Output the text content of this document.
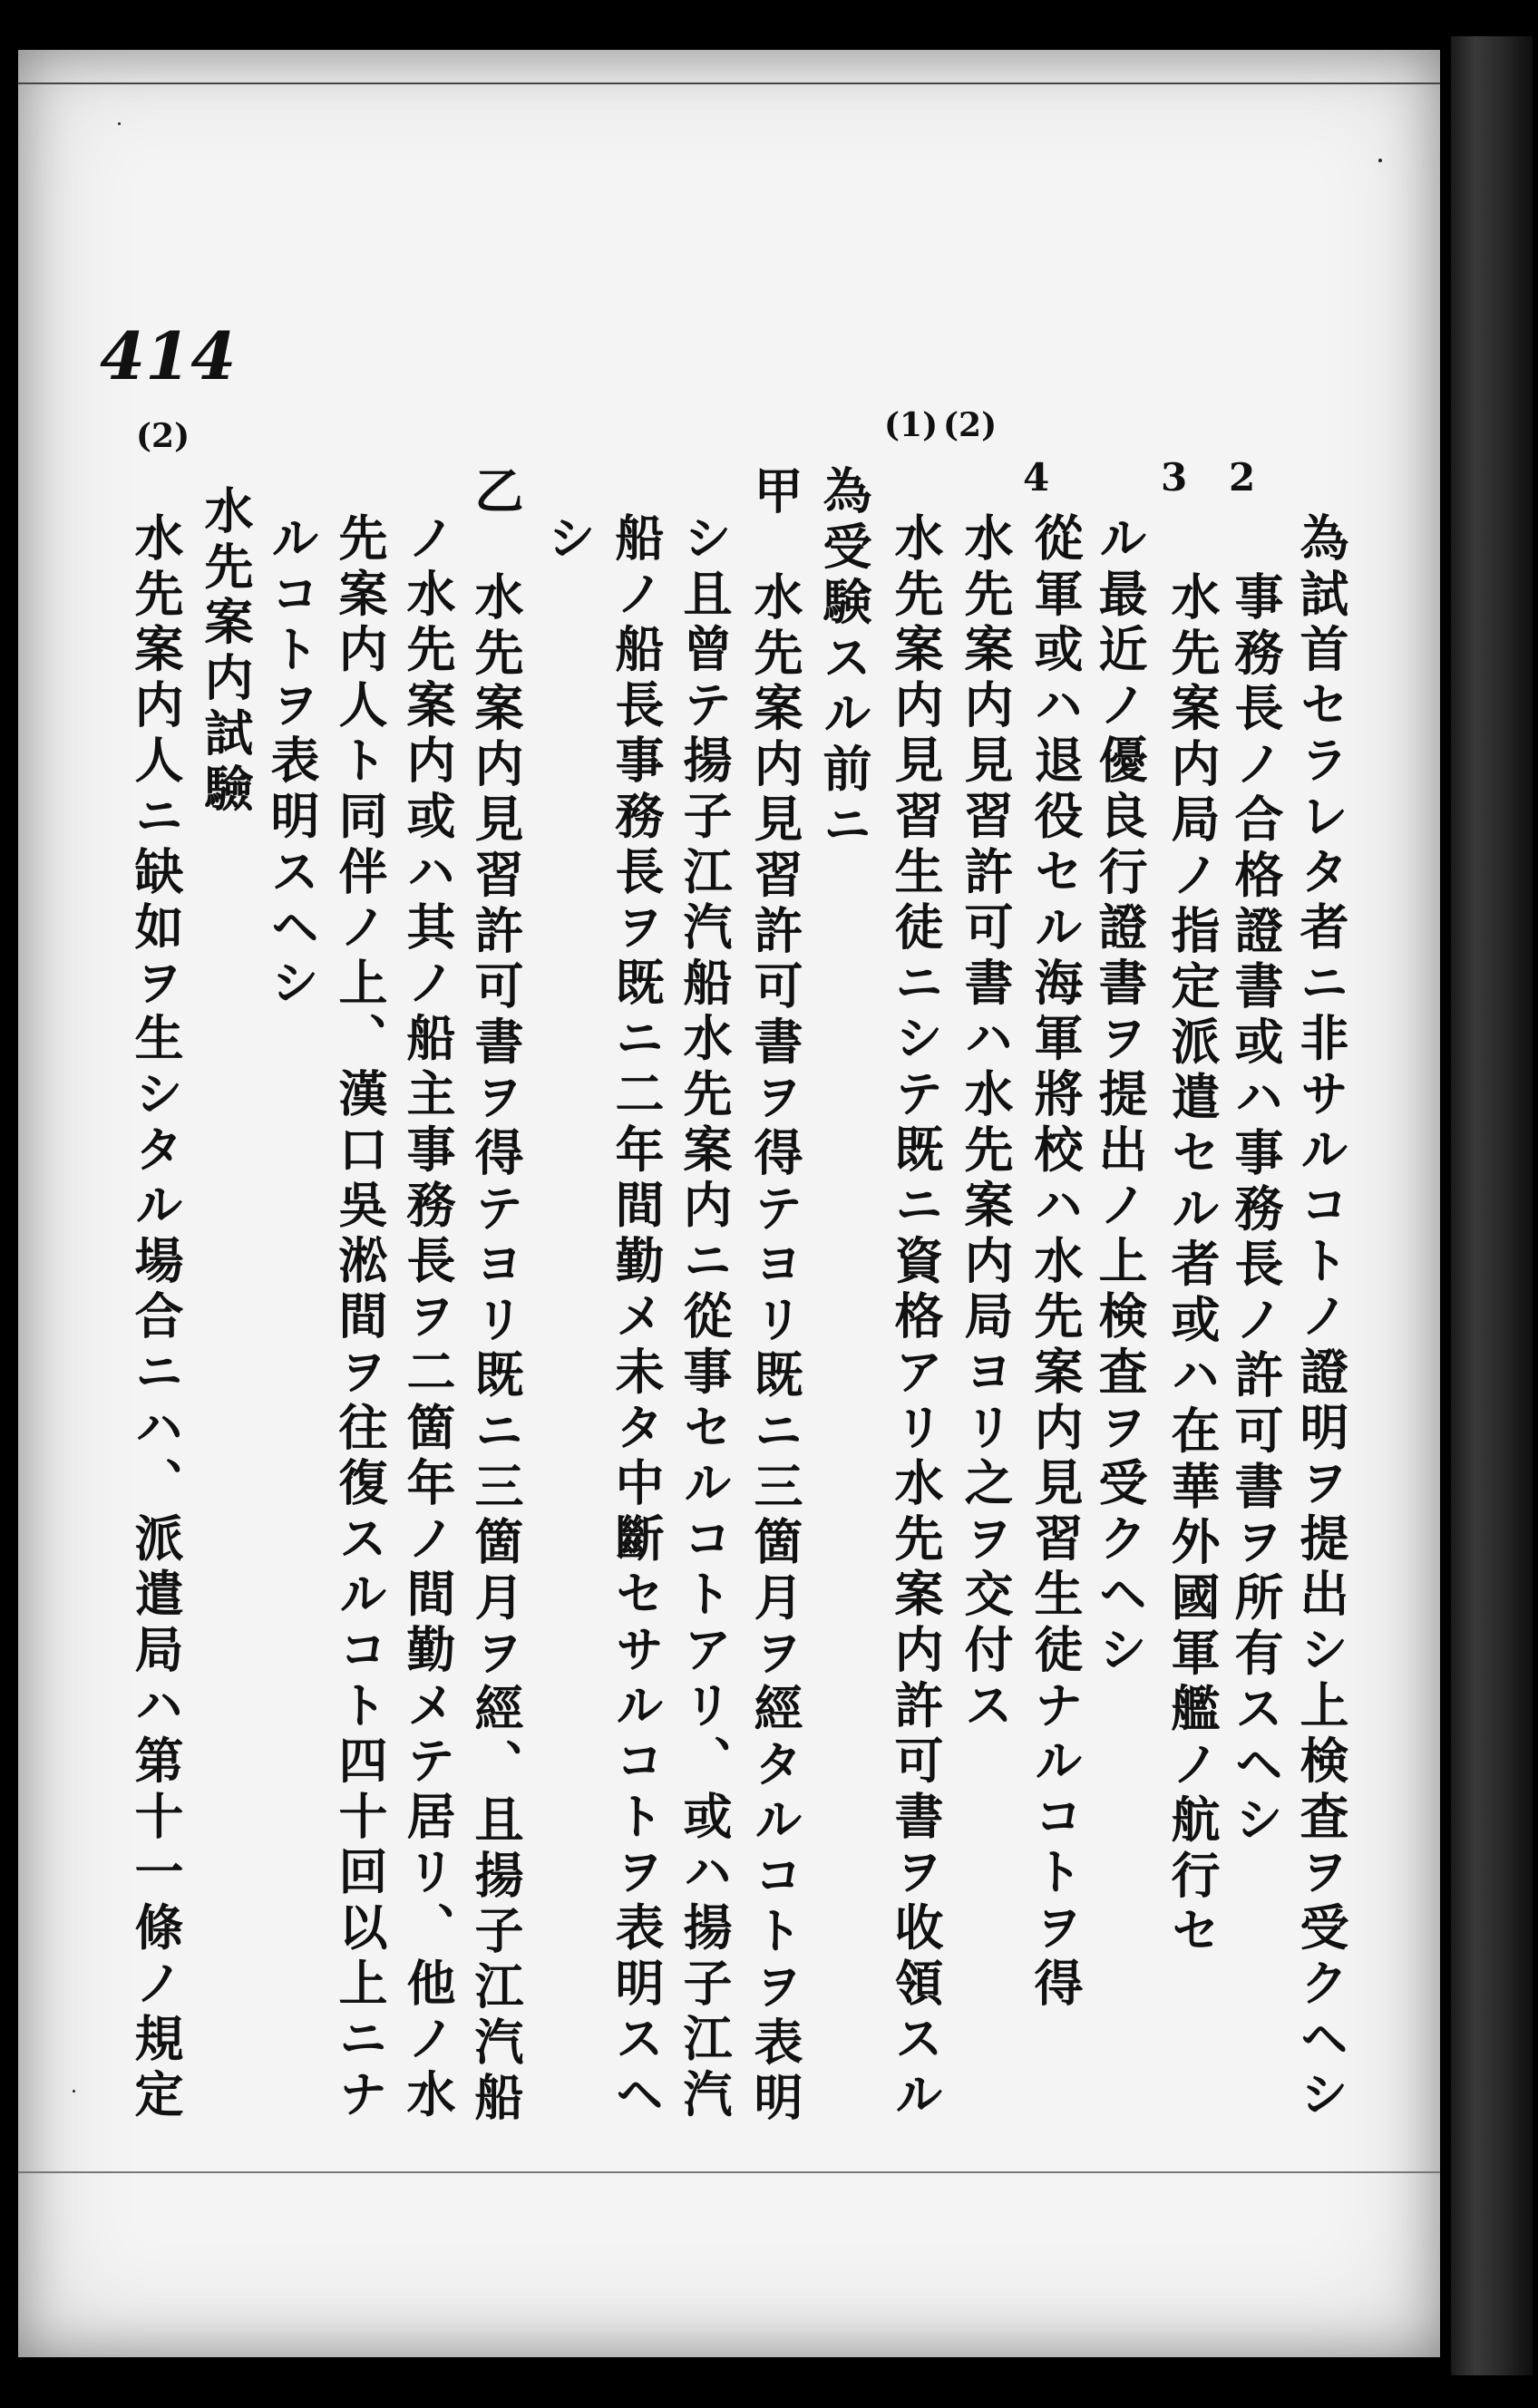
414
(2)	(1) (2)
2
3
4
為試首セラレタ者ニ非サルコトノ證明ヲ提出シ上検査ヲ受クヘシ
事務長ノ合格證書或ハ事務長ノ許可書ヲ所有スヘシ
水先案内局ノ指定派遣セル者或ハ在華外國軍艦ノ航行セ
ル最近ノ優良行證書ヲ提出ノ上検査ヲ受クヘシ
從軍或ハ退役セル海軍將校ハ水先案内見習生徒ナルコトヲ得
水先案内見習許可書ハ水先案内局ヨリ之ヲ交付ス
水先案内見習生徒ニシテ既ニ資格アリ水先案内許可書ヲ收領スル
為受験スル前ニ
甲
水先案内見習許可書ヲ得テヨリ既ニ三箇月ヲ經タルコトヲ表明
シ且曾テ揚子江汽船水先案内ニ從事セルコトアリ、或ハ揚子江汽
船ノ船長事務長ヲ既ニ二年間勤メ未タ中斷セサルコトヲ表明スヘ
シ
乙
水先案内見習許可書ヲ得テヨリ既ニ三箇月ヲ經、且揚子江汽船
ノ水先案内或ハ其ノ船主事務長ヲ二箇年ノ間勤メテ居リ、他ノ水
先案内人ト同伴ノ上、漢口吳淞間ヲ往復スルコト四十回以上ニナ
ルコトヲ表明スヘシ
水先案内試驗
水先案内人ニ缺如ヲ生シタル場合ニハ、派遣局ハ第十一條ノ規定
